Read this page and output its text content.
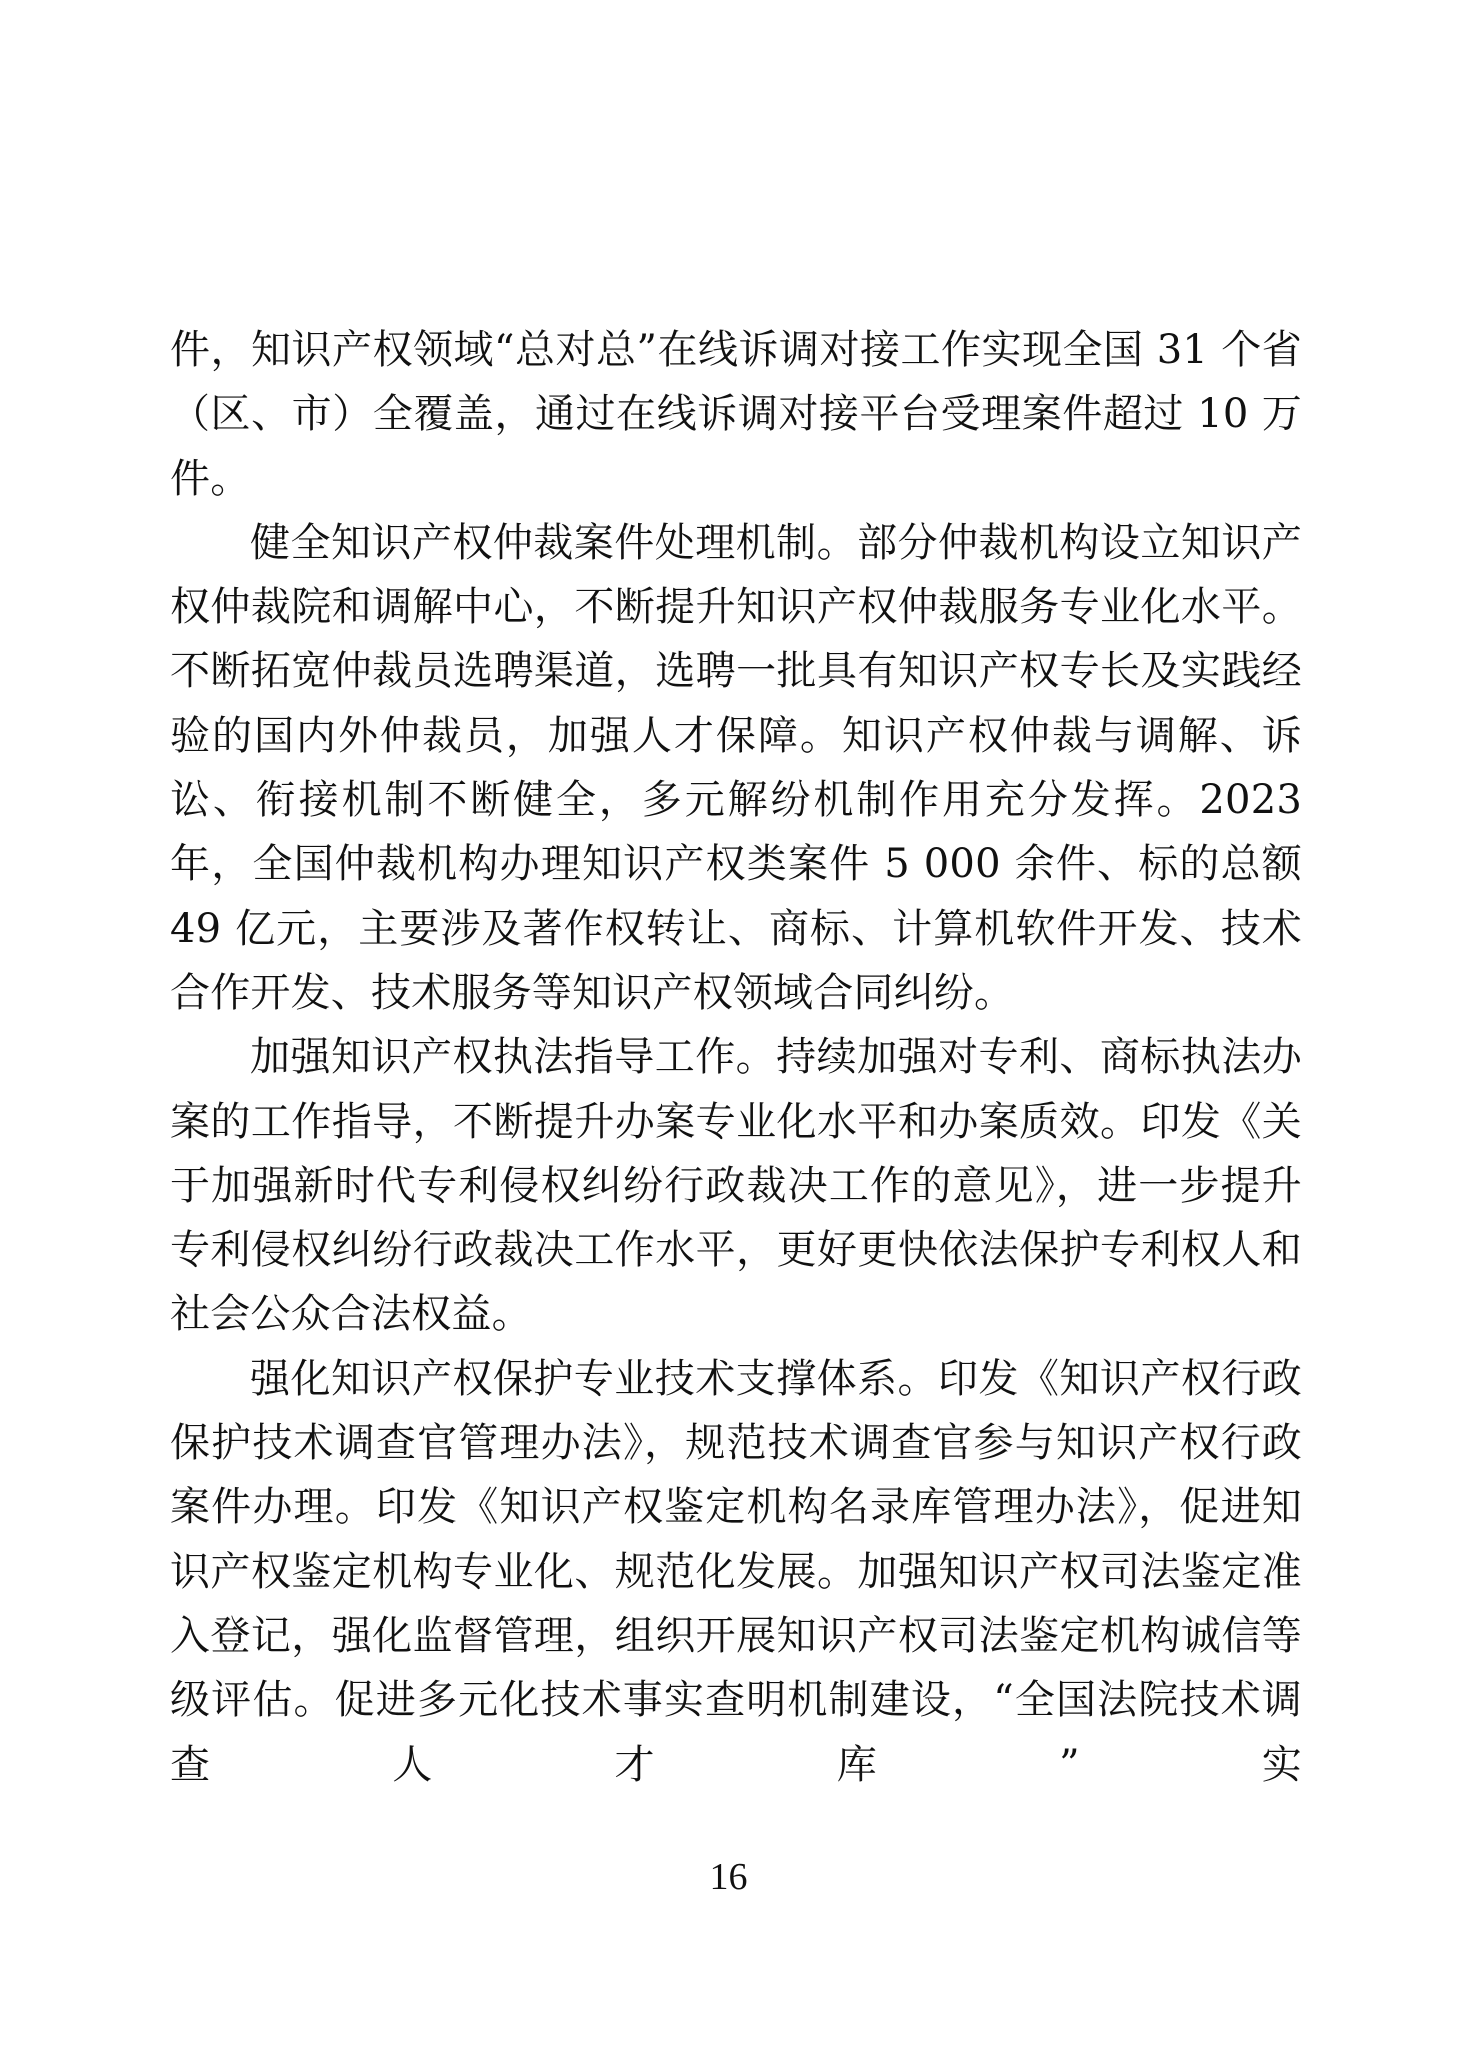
件，知识产权领域“总对总”在线诉调对接工作实现全国 31 个省（区、市）全覆盖，通过在线诉调对接平台受理案件超过 10 万件。

健全知识产权仲裁案件处理机制。部分仲裁机构设立知识产权仲裁院和调解中心，不断提升知识产权仲裁服务专业化水平。不断拓宽仲裁员选聘渠道，选聘一批具有知识产权专长及实践经验的国内外仲裁员，加强人才保障。知识产权仲裁与调解、诉讼、衔接机制不断健全，多元解纷机制作用充分发挥。2023 年，全国仲裁机构办理知识产权类案件 5 000 余件、标的总额 49 亿元，主要涉及著作权转让、商标、计算机软件开发、技术合作开发、技术服务等知识产权领域合同纠纷。

加强知识产权执法指导工作。持续加强对专利、商标执法办案的工作指导，不断提升办案专业化水平和办案质效。印发《关于加强新时代专利侵权纠纷行政裁决工作的意见》，进一步提升专利侵权纠纷行政裁决工作水平，更好更快依法保护专利权人和社会公众合法权益。

强化知识产权保护专业技术支撑体系。印发《知识产权行政保护技术调查官管理办法》，规范技术调查官参与知识产权行政案件办理。印发《知识产权鉴定机构名录库管理办法》，促进知识产权鉴定机构专业化、规范化发展。加强知识产权司法鉴定准入登记，强化监督管理，组织开展知识产权司法鉴定机构诚信等级评估。促进多元化技术事实查明机制建设，“全国法院技术调查人才库”实

16
